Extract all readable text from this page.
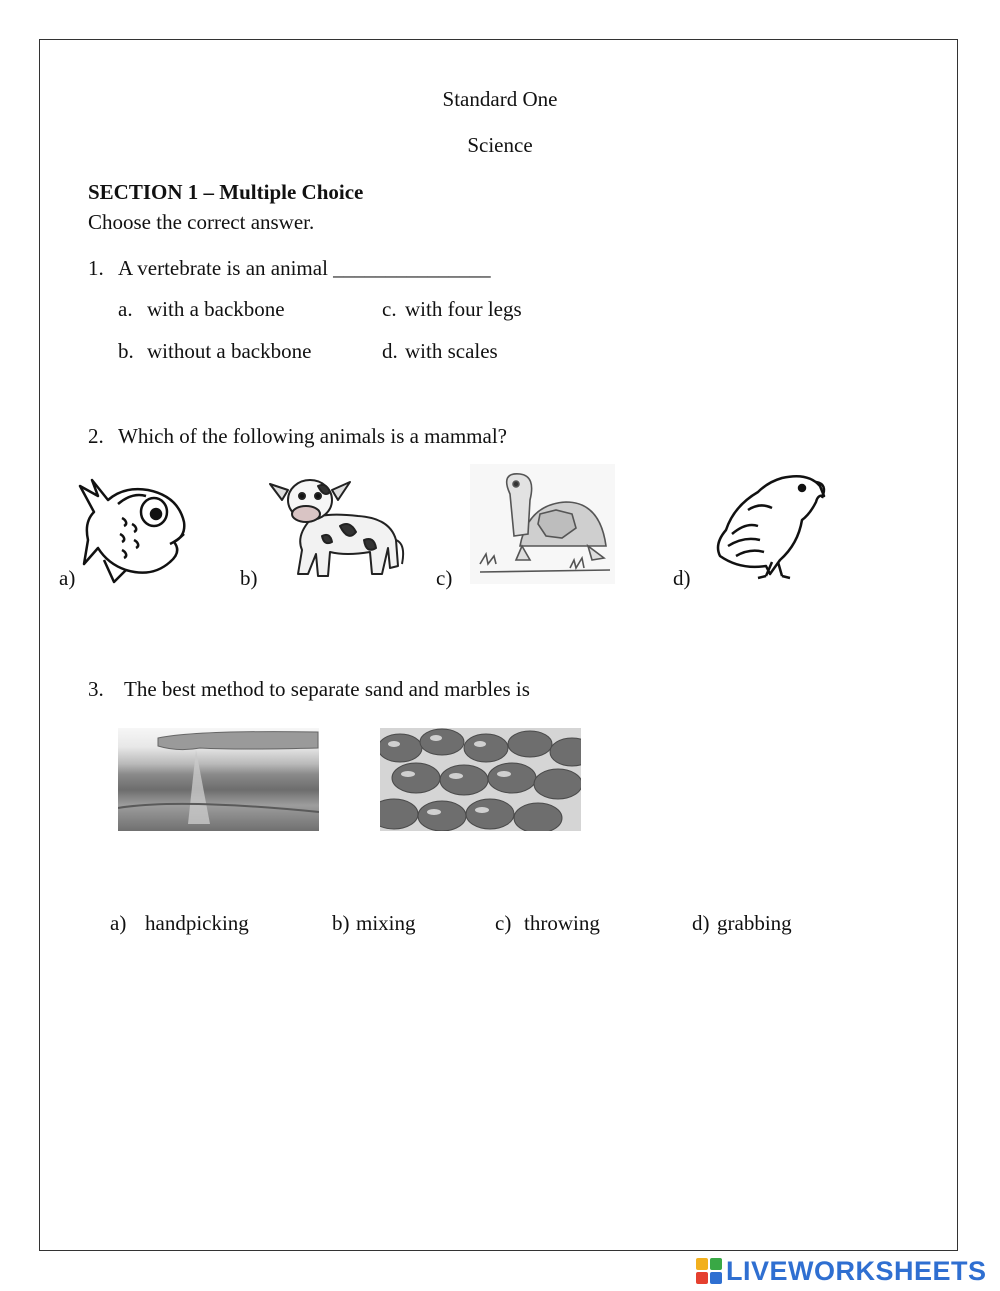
Standard One
Science
SECTION 1 – Multiple Choice
Choose the correct answer.
1. A vertebrate is an animal _______________
a. with a backbone	c. with four legs
b. without a backbone	d. with scales
2. Which of the following animals is a mammal?
a)	b)	c)	d)
3. The best method to separate sand and marbles is
a) handpicking	b) mixing	c) throwing	d) grabbing
LIVEWORKSHEETS
